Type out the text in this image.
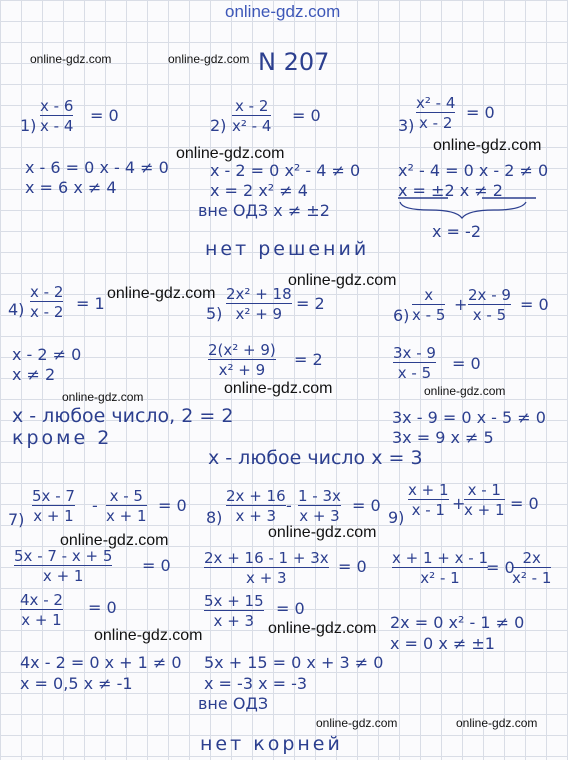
online-gdz.com
N 207
online-gdz.com	online-gdz.com
1)
x - 6
x - 4
= 0
x - 6 = 0 x - 4 ≠ 0
x = 6 x ≠ 4
2)
x - 2
x² - 4
= 0
online-gdz.com
x - 2 = 0 x² - 4 ≠ 0
x = 2 x² ≠ 4
вне ОДЗ x ≠ ±2
3)
x² - 4
x - 2
= 0
online-gdz.com
x² - 4 = 0 x - 2 ≠ 0
x = ±2 x ≠ 2
x = -2
нет решений
online-gdz.com
4)
x - 2
x - 2 = 1
online-gdz.com
x - 2 ≠ 0
x ≠ 2
online-gdz.com
x - любое число, 2 = 2
кроме 2
5)
2x² + 18
x² + 9
= 2
2(x² + 9)
x² + 9
= 2
online-gdz.com
x - любое число x = 3
6)
x
x - 5
+ 2x - 9
x - 5
= 0
3x - 9
x - 5 = 0
online-gdz.com
3x - 9 = 0 x - 5 ≠ 0
3x = 9 x ≠ 5
7)
5x - 7
x + 1
- x - 5
x + 1
= 0
online-gdz.com
5x - 7 - x + 5
x + 1
= 0
4x - 2
x + 1
= 0
online-gdz.com
4x - 2 = 0 x + 1 ≠ 0
x = 0,5 x ≠ -1
8)
2x + 16
x + 3
- 1 - 3x
x + 3
= 0
online-gdz.com
2x + 16 - 1 + 3x
x + 3
= 0
5x + 15
x + 3
= 0
online-gdz.com
5x + 15 = 0 x + 3 ≠ 0
x = -3 x = -3
вне ОДЗ
9)
x + 1
x - 1 +
x - 1
x + 1 = 0
x + 1 + x - 1
x² - 1
= 0 2x
x² - 1
2x = 0 x² - 1 ≠ 0
x = 0 x ≠ ±1
online-gdz.com	online-gdz.com
нет корней
